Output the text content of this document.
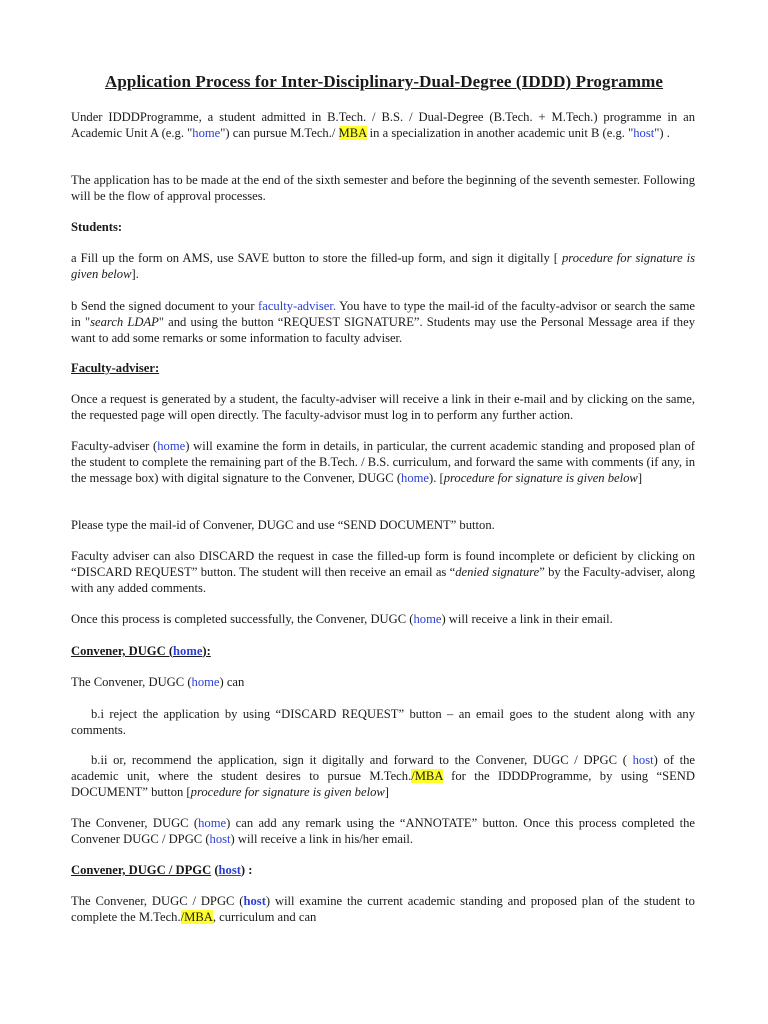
Application Process for Inter-Disciplinary-Dual-Degree (IDDD) Programme

Under IDDDProgramme, a student admitted in B.Tech. / B.S. / Dual-Degree (B.Tech. + M.Tech.) programme in an Academic Unit A (e.g. "home") can pursue M.Tech./ MBA in a specialization in another academic unit B (e.g. "host") .

The application has to be made at the end of the sixth semester and before the beginning of the seventh semester. Following will be the flow of approval processes.

Students:

a Fill up the form on AMS, use SAVE button to store the filled-up form, and sign it digitally [ procedure for signature is given below].

b Send the signed document to your faculty-adviser. You have to type the mail-id of the faculty-advisor or search the same in "search LDAP" and using the button “REQUEST SIGNATURE”. Students may use the Personal Message area if they want to add some remarks or some information to faculty adviser.

Faculty-adviser:

Once a request is generated by a student, the faculty-adviser will receive a link in their e-mail and by clicking on the same, the requested page will open directly. The faculty-advisor must log in to perform any further action.

Faculty-adviser (home) will examine the form in details, in particular, the current academic standing and proposed plan of the student to complete the remaining part of the B.Tech. / B.S. curriculum, and forward the same with comments (if any, in the message box) with digital signature to the Convener, DUGC (home). [procedure for signature is given below]

Please type the mail-id of Convener, DUGC and use “SEND DOCUMENT” button.

Faculty adviser can also DISCARD the request in case the filled-up form is found incomplete or deficient by clicking on “DISCARD REQUEST” button. The student will then receive an email as “denied signature” by the Faculty-adviser, along with any added comments.

Once this process is completed successfully, the Convener, DUGC (home) will receive a link in their email.

Convener, DUGC (home):

The Convener, DUGC (home) can

b.i reject the application by using “DISCARD REQUEST” button – an email goes to the student along with any comments.

b.ii or, recommend the application, sign it digitally and forward to the Convener, DUGC / DPGC ( host) of the academic unit, where the student desires to pursue M.Tech./MBA for the IDDDProgramme, by using “SEND DOCUMENT” button [procedure for signature is given below]

The Convener, DUGC (home) can add any remark using the “ANNOTATE” button. Once this process completed the Convener DUGC / DPGC (host) will receive a link in his/her email.

Convener, DUGC / DPGC (host) :

The Convener, DUGC / DPGC (host) will examine the current academic standing and proposed plan of the student to complete the M.Tech./MBA, curriculum and can
